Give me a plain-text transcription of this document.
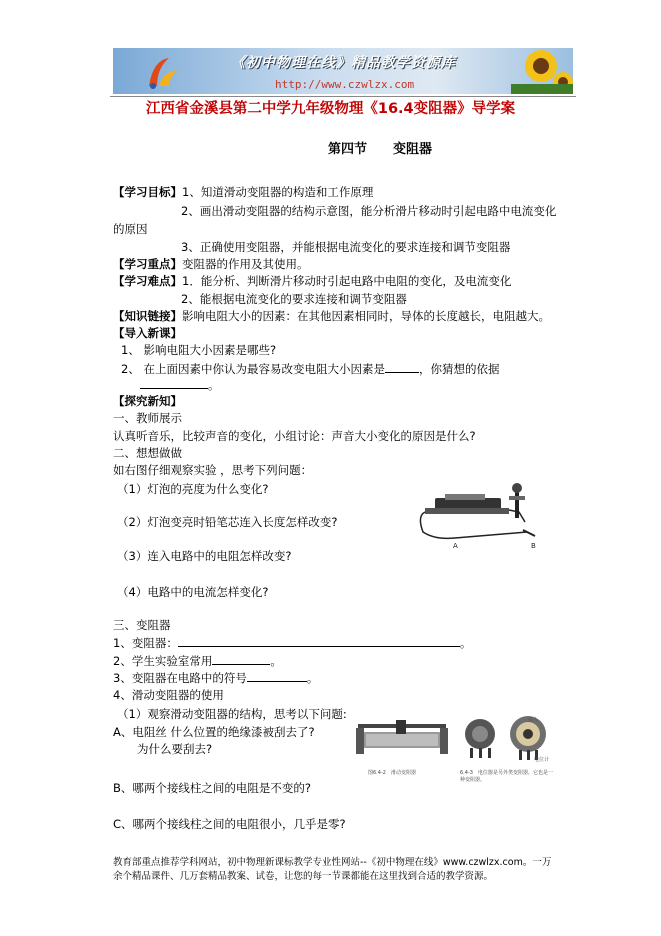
《初中物理在线》精品教学资源库
http://www.czwlzx.com
江西省金溪县第二中学九年级物理《16.4变阻器》导学案
第四节　　变阻器
【学习目标】1、知道滑动变阻器的构造和工作原理
2、画出滑动变阻器的结构示意图，能分析滑片移动时引起电路中电流变化
的原因
3、正确使用变阻器，并能根据电流变化的要求连接和调节变阻器
【学习重点】变阻器的作用及其使用。
【学习难点】1．能分析、判断滑片移动时引起电路中电阻的变化，及电流变化
2、能根据电流变化的要求连接和调节变阻器
【知识链接】影响电阻大小的因素：在其他因素相同时，导体的长度越长，电阻越大。
【导入新课】
1、 影响电阻大小因素是哪些?
2、 在上面因素中你认为最容易改变电阻大小因素是	，你猜想的依据
。
【探究新知】
一、教师展示
认真听音乐，比较声音的变化，小组讨论：声音大小变化的原因是什么?
二、想想做做
如右图仔细观察实验 ，思考下列问题：
（1）灯泡的亮度为什么变化?
（2）灯泡变亮时铅笔芯连入长度怎样改变?
（3）连入电路中的电阻怎样改变?
（4）电路中的电流怎样变化?
A	B
三、变阻器
1、变阻器：	。
2、学生实验室常用	。
3、变阻器在电路中的符号	。
4、滑动变阻器的使用
（1）观察滑动变阻器的结构，思考以下问题:
A、电阻丝 什么位置的绝缘漆被刮去了?
为什么要刮去?
B、哪两个接线柱之间的电阻是不变的?
C、哪两个接线柱之间的电阻很小，几乎是零?
接入
电位计
图6.4-2　滑动变阻器	6.4-3　电位器是另外类变阻器，它也是一种变阻器。
教育部重点推荐学科网站，初中物理新课标教学专业性网站--《初中物理在线》www.czwlzx.com。一万
余个精品课件、几万套精品教案、试卷，让您的每一节课都能在这里找到合适的教学资源。
